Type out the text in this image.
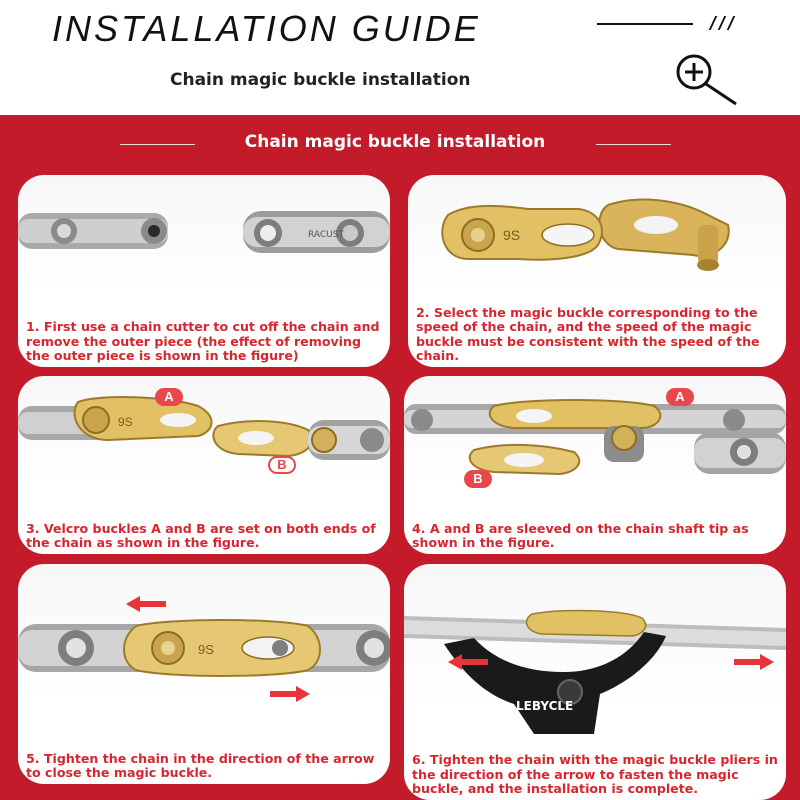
INSTALLATION GUIDE
Chain magic buckle installation
Chain magic buckle installation
RACUST
1. First use a chain cutter to cut off the chain and remove the outer piece (the effect of removing the outer piece is shown in the figure)
9S
2. Select the magic buckle corresponding to the speed of the chain, and the speed of the magic buckle must be consistent with the speed of the chain.
9S
A
B
3. Velcro buckles A and B are set on both ends of the chain as shown in the figure.
A
B
4. A and B are sleeved on the chain shaft tip as shown in the figure.
9S
5. Tighten the chain in the direction of the arrow to close the magic buckle.
LEBYCLE
6. Tighten the chain with the magic buckle pliers in the direction of the arrow to fasten the magic buckle, and the installation is complete.
